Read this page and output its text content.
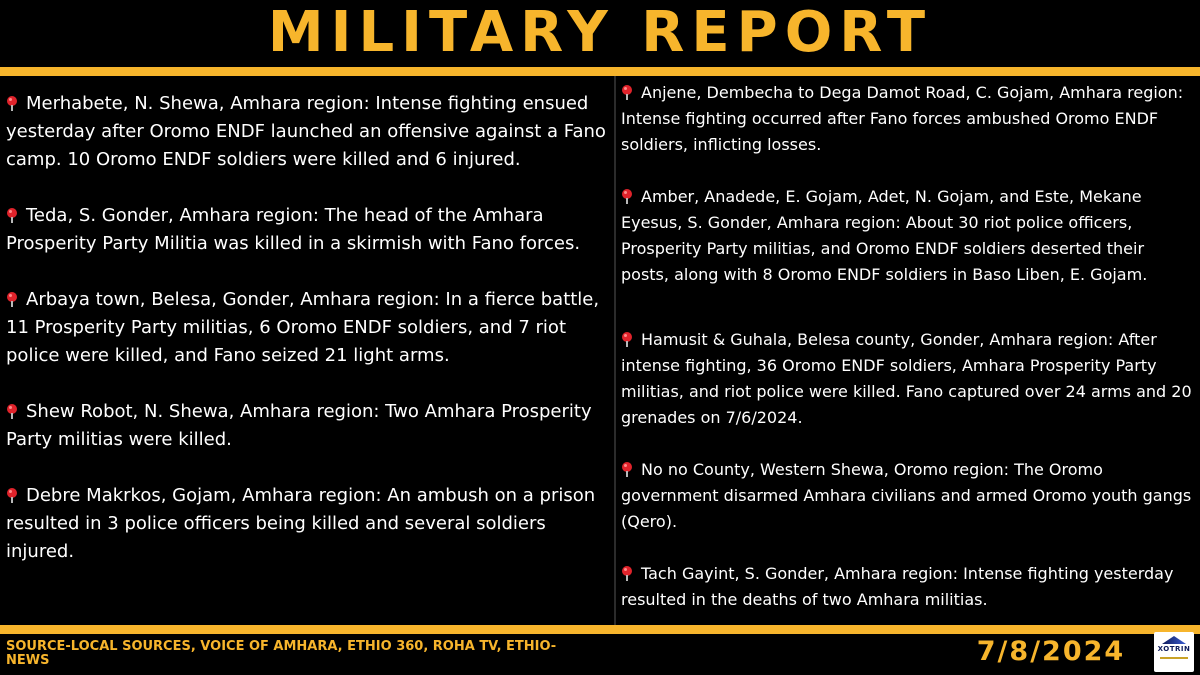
MILITARY REPORT

Merhabete, N. Shewa, Amhara region: Intense fighting ensued yesterday after Oromo ENDF launched an offensive against a Fano camp. 10 Oromo ENDF soldiers were killed and 6 injured.

Teda, S. Gonder, Amhara region: The head of the Amhara Prosperity Party Militia was killed in a skirmish with Fano forces.

Arbaya town, Belesa, Gonder, Amhara region: In a fierce battle, 11 Prosperity Party militias, 6 Oromo ENDF soldiers, and 7 riot police were killed, and Fano seized 21 light arms.

Shew Robot, N. Shewa, Amhara region: Two Amhara Prosperity Party militias were killed.

Debre Makrkos, Gojam, Amhara region: An ambush on a prison resulted in 3 police officers being killed and several soldiers injured.

Anjene, Dembecha to Dega Damot Road, C. Gojam, Amhara region: Intense fighting occurred after Fano forces ambushed Oromo ENDF soldiers, inflicting losses.

Amber, Anadede, E. Gojam, Adet, N. Gojam, and Este, Mekane Eyesus, S. Gonder, Amhara region: About 30 riot police officers, Prosperity Party militias, and Oromo ENDF soldiers deserted their posts, along with 8 Oromo ENDF soldiers in Baso Liben, E. Gojam.

Hamusit & Guhala, Belesa county, Gonder, Amhara region: After intense fighting, 36 Oromo ENDF soldiers, Amhara Prosperity Party militias, and riot police were killed. Fano captured over 24 arms and 20 grenades on 7/6/2024.

No no County, Western Shewa, Oromo region: The Oromo government disarmed Amhara civilians and armed Oromo youth gangs (Qero).

Tach Gayint, S. Gonder, Amhara region: Intense fighting yesterday resulted in the deaths of two Amhara militias.

SOURCE-LOCAL SOURCES, VOICE OF AMHARA, ETHIO 360, ROHA TV, ETHIO-NEWS	7/8/2024	XOTRIN
